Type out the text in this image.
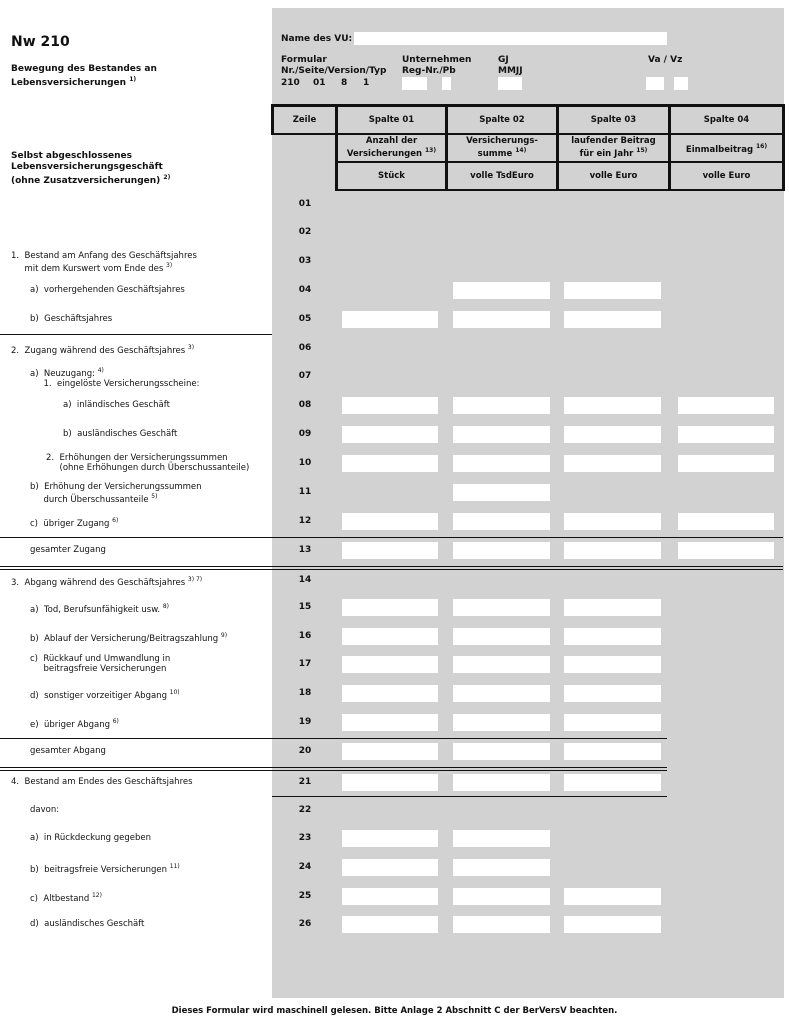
Nw 210
Bewegung des Bestandes an
Lebensversicherungen $^{1)}$
Name des VU:
Formular
Nr./Seite/Version/Typ
210 01 8 1
Unternehmen
Reg-Nr./Pb
GJ
MMJJ
Va / Vz
Selbst abgeschlossenes
Lebensversicherungsgeschäft
(ohne Zusatzversicherungen) $^{2)}$
Zeile	Spalte 01
Anzahl der
Versicherungen $^{13)}$
Stück
Spalte 02
Versicherungs-
summe $^{14)}$
volle TsdEuro
Spalte 03
laufender Beitrag
für ein Jahr $^{15)}$
volle Euro
Spalte 04
Einmalbeitrag $^{16)}$
volle Euro
01
02
03
1.  Bestand am Anfang des Geschäftsjahres
mit dem Kurswert vom Ende des $^{3)}$
04
a)  vorhergehenden Geschäftsjahres
05
b)  Geschäftsjahres
06
2.  Zugang während des Geschäftsjahres $^{3)}$
07
a)  Neuzugang: $^{4)}$
1.  eingelöste Versicherungsscheine:
08
a)  inländisches Geschäft
09
b)  ausländisches Geschäft
10
2.  Erhöhungen der Versicherungssummen
(ohne Erhöhungen durch Überschussanteile)
11
b)  Erhöhung der Versicherungssummen
durch Überschussanteile $^{5)}$
12
c)  übriger Zugang $^{6)}$
13
gesamter Zugang
14
3.  Abgang während des Geschäftsjahres $^{3) 7)}$
15
a)  Tod, Berufsunfähigkeit usw. $^{8)}$
16
b)  Ablauf der Versicherung/Beitragszahlung $^{9)}$
17
c)  Rückkauf und Umwandlung in
beitragsfreie Versicherungen
18
d)  sonstiger vorzeitiger Abgang $^{10)}$
19
e)  übriger Abgang $^{6)}$
20
gesamter Abgang
21
4.  Bestand am Endes des Geschäftsjahres
22
davon:
23
a)  in Rückdeckung gegeben
24
b)  beitragsfreie Versicherungen $^{11)}$
25
c)  Altbestand $^{12)}$
26
d)  ausländisches Geschäft
Dieses Formular wird maschinell gelesen. Bitte Anlage 2 Abschnitt C der BerVersV beachten.
